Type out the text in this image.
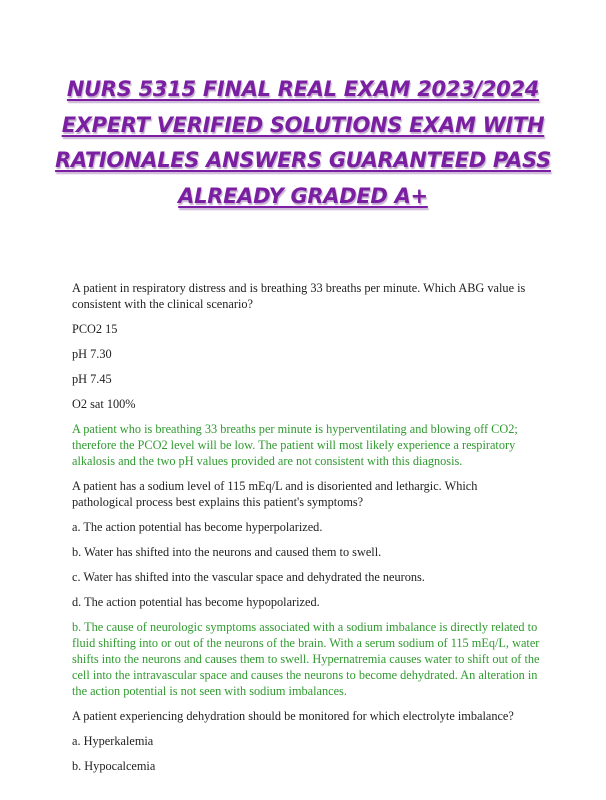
NURS 5315 FINAL REAL EXAM 2023/2024
EXPERT VERIFIED SOLUTIONS EXAM WITH
RATIONALES ANSWERS GUARANTEED PASS
ALREADY GRADED A+

A patient in respiratory distress and is breathing 33 breaths per minute. Which ABG value is consistent with the clinical scenario?

PCO2 15

pH 7.30

pH 7.45

O2 sat 100%

A patient who is breathing 33 breaths per minute is hyperventilating and blowing off CO2; therefore the PCO2 level will be low. The patient will most likely experience a respiratory alkalosis and the two pH values provided are not consistent with this diagnosis.

A patient has a sodium level of 115 mEq/L and is disoriented and lethargic. Which pathological process best explains this patient's symptoms?

a. The action potential has become hyperpolarized.

b. Water has shifted into the neurons and caused them to swell.

c. Water has shifted into the vascular space and dehydrated the neurons.

d. The action potential has become hypopolarized.

b. The cause of neurologic symptoms associated with a sodium imbalance is directly related to fluid shifting into or out of the neurons of the brain. With a serum sodium of 115 mEq/L, water shifts into the neurons and causes them to swell. Hypernatremia causes water to shift out of the cell into the intravascular space and causes the neurons to become dehydrated. An alteration in the action potential is not seen with sodium imbalances.

A patient experiencing dehydration should be monitored for which electrolyte imbalance?

a. Hyperkalemia

b. Hypocalcemia
